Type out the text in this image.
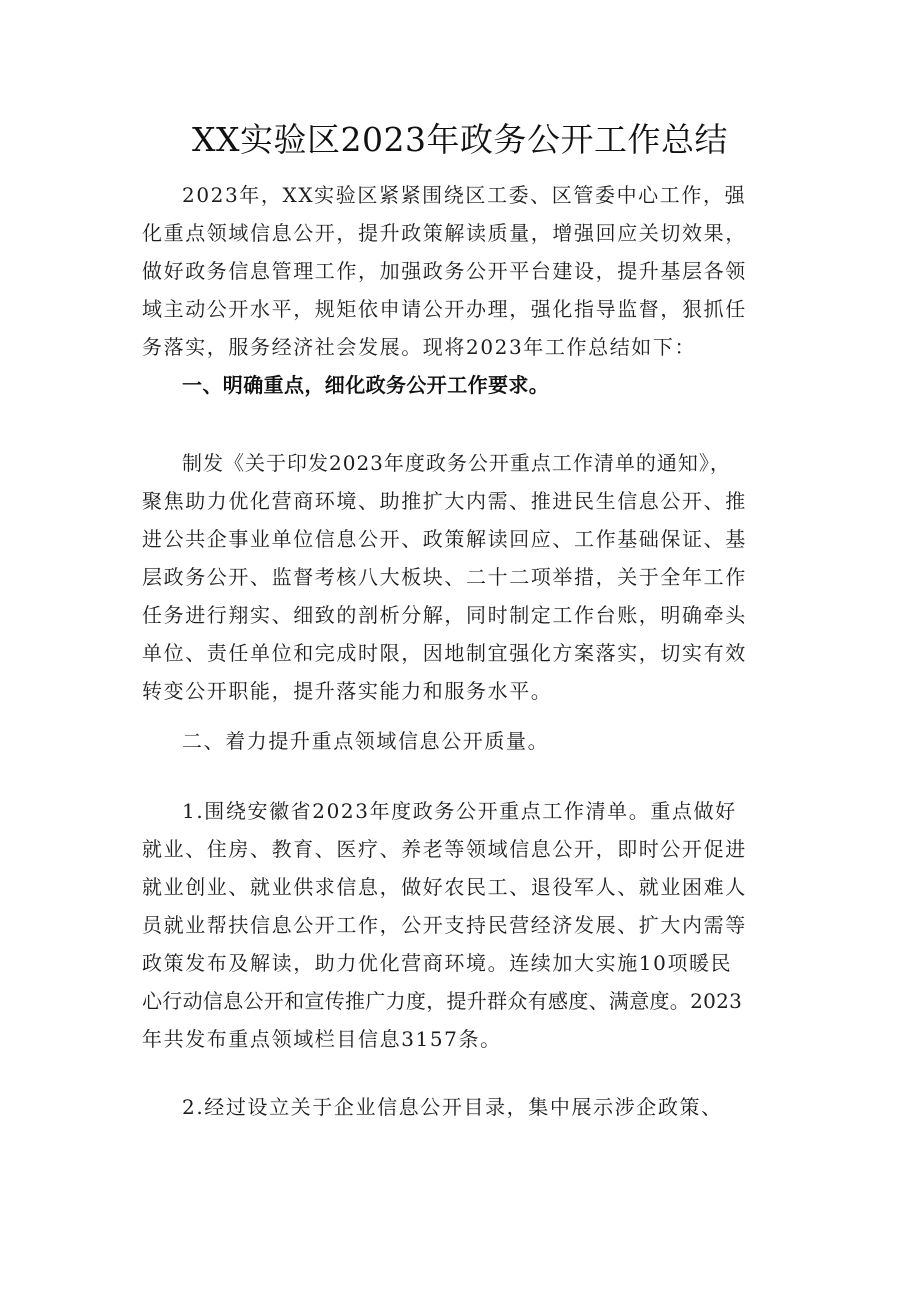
XX实验区2023年政务公开工作总结
2023年，XX实验区紧紧围绕区工委、区管委中心工作，强
化重点领域信息公开，提升政策解读质量，增强回应关切效果，
做好政务信息管理工作，加强政务公开平台建设，提升基层各领
域主动公开水平，规矩依申请公开办理，强化指导监督，狠抓任
务落实，服务经济社会发展。现将2023年工作总结如下：
一、明确重点，细化政务公开工作要求。
制发《关于印发2023年度政务公开重点工作清单的通知》，
聚焦助力优化营商环境、助推扩大内需、推进民生信息公开、推
进公共企事业单位信息公开、政策解读回应、工作基础保证、基
层政务公开、监督考核八大板块、二十二项举措，关于全年工作
任务进行翔实、细致的剖析分解，同时制定工作台账，明确牵头
单位、责任单位和完成时限，因地制宜强化方案落实，切实有效
转变公开职能，提升落实能力和服务水平。
二、着力提升重点领域信息公开质量。
1.围绕安徽省2023年度政务公开重点工作清单。重点做好
就业、住房、教育、医疗、养老等领域信息公开，即时公开促进
就业创业、就业供求信息，做好农民工、退役军人、就业困难人
员就业帮扶信息公开工作，公开支持民营经济发展、扩大内需等
政策发布及解读，助力优化营商环境。连续加大实施10项暖民
心行动信息公开和宣传推广力度，提升群众有感度、满意度。2023
年共发布重点领域栏目信息3157条。
2.经过设立关于企业信息公开目录，集中展示涉企政策、
